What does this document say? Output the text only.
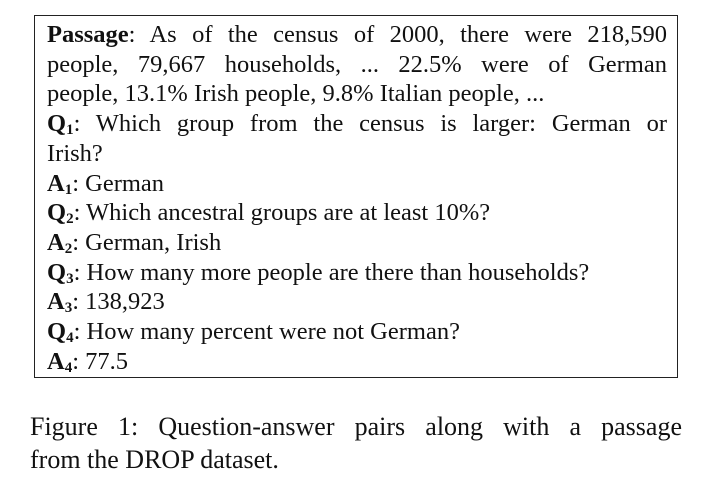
Passage: As of the census of 2000, there were 218,590
people, 79,667 households, ... 22.5% were of German
people, 13.1% Irish people, 9.8% Italian people, ...
$Q_1$: Which group from the census is larger: German or
Irish?
$A_1$: German
$Q_2$: Which ancestral groups are at least 10%?
$A_2$: German, Irish
$Q_3$: How many more people are there than households?
$A_3$: 138,923
$Q_4$: How many percent were not German?
$A_4$: 77.5
Figure 1: Question-answer pairs along with a passage
from the DROP dataset.
